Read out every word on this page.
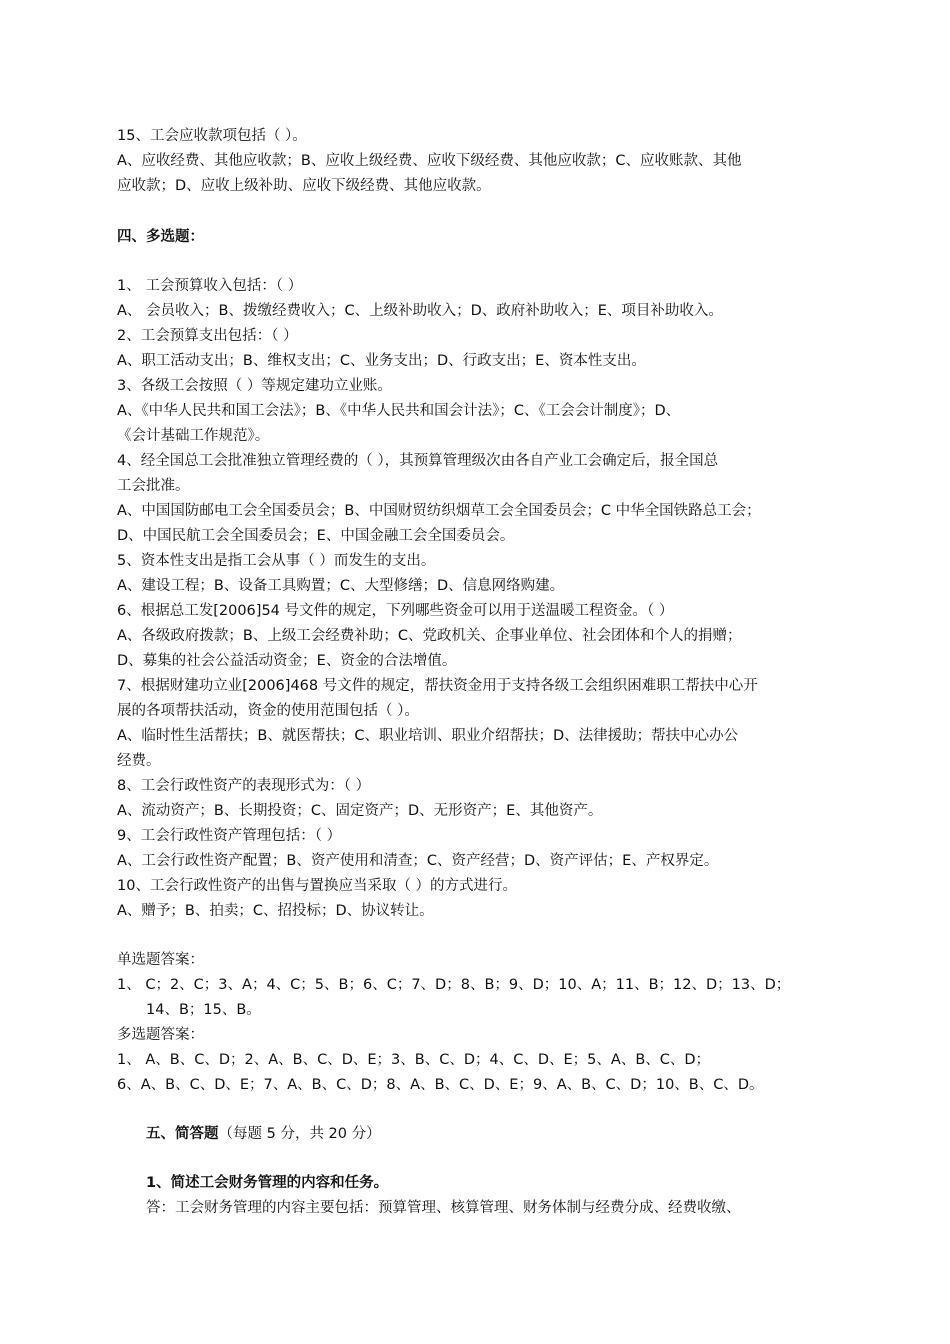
15、工会应收款项包括（ ）。
A、应收经费、其他应收款；B、应收上级经费、应收下级经费、其他应收款；C、应收账款、其他
应收款；D、应收上级补助、应收下级经费、其他应收款。
四、多选题：
1、 工会预算收入包括：（ ）
A、 会员收入；B、拨缴经费收入；C、上级补助收入；D、政府补助收入；E、项目补助收入。
2、工会预算支出包括：（ ）
A、职工活动支出；B、维权支出；C、业务支出；D、行政支出；E、资本性支出。
3、各级工会按照（ ）等规定建功立业账。
A、《中华人民共和国工会法》；B、《中华人民共和国会计法》；C、《工会会计制度》；D、
《会计基础工作规范》。
4、经全国总工会批准独立管理经费的（ ），其预算管理级次由各自产业工会确定后，报全国总
工会批准。
A、中国国防邮电工会全国委员会；B、中国财贸纺织烟草工会全国委员会；C 中华全国铁路总工会；
D、中国民航工会全国委员会；E、中国金融工会全国委员会。
5、资本性支出是指工会从事（ ）而发生的支出。
A、建设工程；B、设备工具购置；C、大型修缮；D、信息网络购建。
6、根据总工发[2006]54 号文件的规定，下列哪些资金可以用于送温暖工程资金。（ ）
A、各级政府拨款；B、上级工会经费补助；C、党政机关、企事业单位、社会团体和个人的捐赠；
D、募集的社会公益活动资金；E、资金的合法增值。
7、根据财建功立业[2006]468 号文件的规定，帮扶资金用于支持各级工会组织困难职工帮扶中心开
展的各项帮扶活动，资金的使用范围包括（ ）。
A、临时性生活帮扶；B、就医帮扶；C、职业培训、职业介绍帮扶；D、法律援助；帮扶中心办公
经费。
8、工会行政性资产的表现形式为：（ ）
A、流动资产；B、长期投资；C、固定资产；D、无形资产；E、其他资产。
9、工会行政性资产管理包括：（ ）
A、工会行政性资产配置；B、资产使用和清查；C、资产经营；D、资产评估；E、产权界定。
10、工会行政性资产的出售与置换应当采取（ ）的方式进行。
A、赠予；B、拍卖；C、招投标；D、协议转让。
单选题答案：
1、 C；2、C；3、A；4、C；5、B；6、C；7、D；8、B；9、D；10、A；11、B；12、D；13、D；
14、B；15、B。
多选题答案：
1、 A、B、C、D；2、A、B、C、D、E；3、B、C、D；4、C、D、E；5、A、B、C、D；
6、A、B、C、D、E；7、A、B、C、D；8、A、B、C、D、E；9、A、B、C、D；10、B、C、D。
五、简答题（每题 5 分，共 20 分）
1、简述工会财务管理的内容和任务。
答：工会财务管理的内容主要包括：预算管理、核算管理、财务体制与经费分成、经费收缴、
